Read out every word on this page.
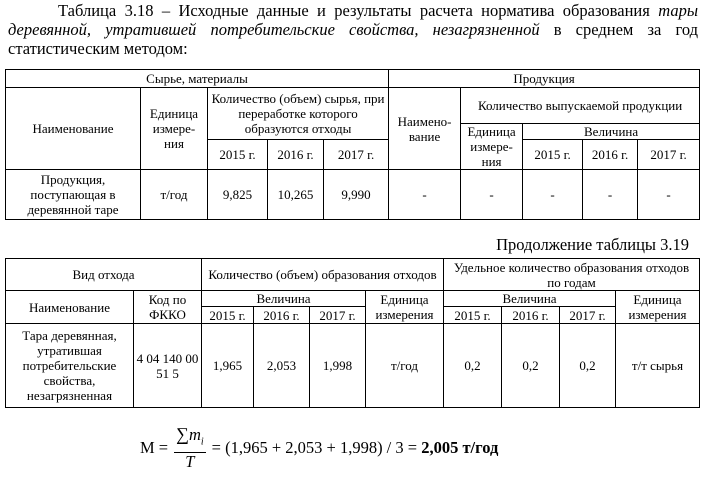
Таблица 3.18 – Исходные данные и результаты расчета норматива образования тары деревянной, утратившей потребительские свойства, незагрязненной в среднем за год статистическим методом:
Сырье, материалы					Продукция				
Наименование	Единица измере-ния	Количество (объем) сырья, при переработке которого образуются отходы			Наимено-вание	Количество выпускаемой продукции			
						Единица измере-ния	Величина		
		2015 г.	2016 г.	2017 г.			2015 г.	2016 г.	2017 г.
Продукция, поступающая в деревянной таре	т/год	9,825	10,265	9,990	-	-	-	-	-
Продолжение таблицы 3.19
Вид отхода		Количество (объем) образования отходов				Удельное количество образования отходов по годам			
Наименование	Код по ФККО	Величина			Единица измерения	Величина			Единица измерения
		2015 г.	2016 г.	2017 г.		2015 г.	2016 г.	2017 г.	
Тара деревянная, утратившая потребительские свойства, незагрязненная	4 04 140 00 51 5	1,965	2,053	1,998	т/год	0,2	0,2	0,2	т/т сырья
$М = \frac{\sum m_i}{T} = (1,965 + 2,053 + 1,998) / 3$ =
2,005 т/год
